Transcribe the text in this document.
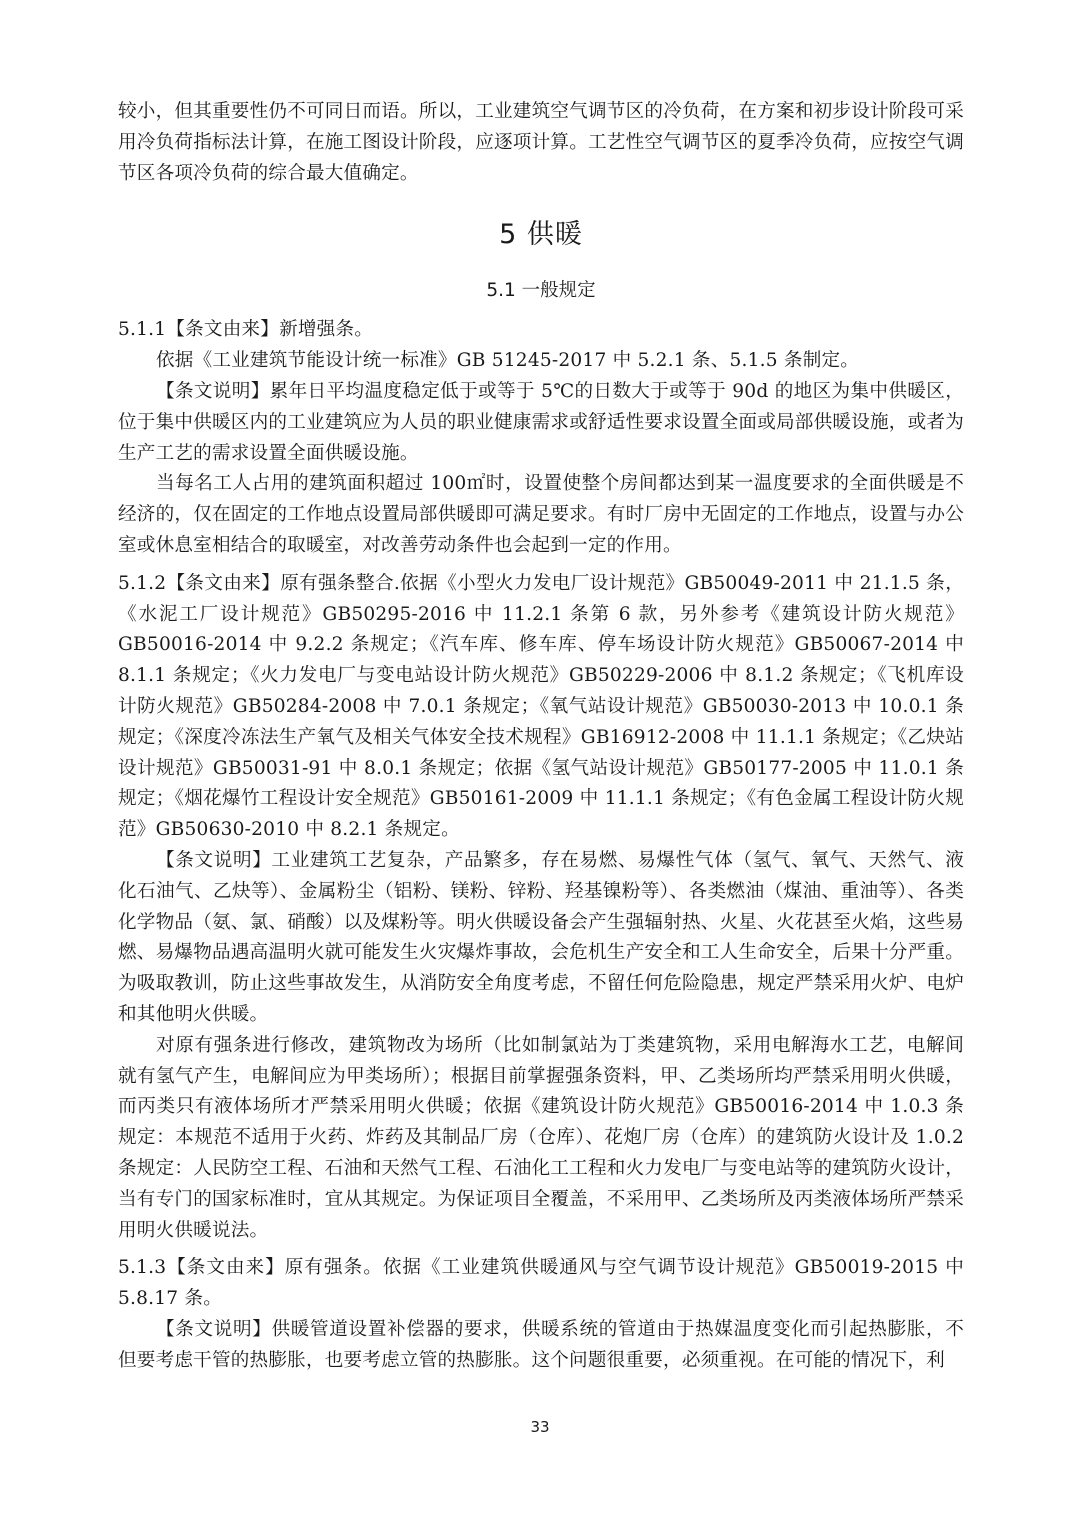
较小，但其重要性仍不可同日而语。所以，工业建筑空气调节区的冷负荷，在方案和初步设计阶段可采用冷负荷指标法计算，在施工图设计阶段，应逐项计算。工艺性空气调节区的夏季冷负荷，应按空气调节区各项冷负荷的综合最大值确定。

5 供暖
5.1 一般规定

5.1.1【条文由来】新增强条。

依据《工业建筑节能设计统一标准》GB 51245-2017 中 5.2.1 条、5.1.5 条制定。

【条文说明】累年日平均温度稳定低于或等于 5℃的日数大于或等于 90d 的地区为集中供暖区，位于集中供暖区内的工业建筑应为人员的职业健康需求或舒适性要求设置全面或局部供暖设施，或者为生产工艺的需求设置全面供暖设施。

当每名工人占用的建筑面积超过 100㎡时，设置使整个房间都达到某一温度要求的全面供暖是不经济的，仅在固定的工作地点设置局部供暖即可满足要求。有时厂房中无固定的工作地点，设置与办公室或休息室相结合的取暖室，对改善劳动条件也会起到一定的作用。

5.1.2【条文由来】原有强条整合.依据《小型火力发电厂设计规范》GB50049-2011 中 21.1.5 条，《水泥工厂设计规范》GB50295-2016 中 11.2.1 条第 6 款，另外参考《建筑设计防火规范》GB50016-2014 中 9.2.2 条规定；《汽车库、修车库、停车场设计防火规范》GB50067-2014 中 8.1.1 条规定；《火力发电厂与变电站设计防火规范》GB50229-2006 中 8.1.2 条规定；《飞机库设计防火规范》GB50284-2008 中 7.0.1 条规定；《氧气站设计规范》GB50030-2013 中 10.0.1 条规定；《深度冷冻法生产氧气及相关气体安全技术规程》GB16912-2008 中 11.1.1 条规定；《乙炔站设计规范》GB50031-91 中 8.0.1 条规定；依据《氢气站设计规范》GB50177-2005 中 11.0.1 条规定；《烟花爆竹工程设计安全规范》GB50161-2009 中 11.1.1 条规定；《有色金属工程设计防火规范》GB50630-2010 中 8.2.1 条规定。

【条文说明】工业建筑工艺复杂，产品繁多，存在易燃、易爆性气体（氢气、氧气、天然气、液化石油气、乙炔等）、金属粉尘（铝粉、镁粉、锌粉、羟基镍粉等）、各类燃油（煤油、重油等）、各类化学物品（氨、氯、硝酸）以及煤粉等。明火供暖设备会产生强辐射热、火星、火花甚至火焰，这些易燃、易爆物品遇高温明火就可能发生火灾爆炸事故，会危机生产安全和工人生命安全，后果十分严重。为吸取教训，防止这些事故发生，从消防安全角度考虑，不留任何危险隐患，规定严禁采用火炉、电炉和其他明火供暖。

对原有强条进行修改，建筑物改为场所（比如制氯站为丁类建筑物，采用电解海水工艺，电解间就有氢气产生，电解间应为甲类场所）；根据目前掌握强条资料，甲、乙类场所均严禁采用明火供暖，而丙类只有液体场所才严禁采用明火供暖；依据《建筑设计防火规范》GB50016-2014 中 1.0.3 条规定：本规范不适用于火药、炸药及其制品厂房（仓库）、花炮厂房（仓库）的建筑防火设计及 1.0.2 条规定：人民防空工程、石油和天然气工程、石油化工工程和火力发电厂与变电站等的建筑防火设计，当有专门的国家标准时，宜从其规定。为保证项目全覆盖，不采用甲、乙类场所及丙类液体场所严禁采用明火供暖说法。

5.1.3【条文由来】原有强条。依据《工业建筑供暖通风与空气调节设计规范》GB50019-2015 中 5.8.17 条。

【条文说明】供暖管道设置补偿器的要求，供暖系统的管道由于热媒温度变化而引起热膨胀，不但要考虑干管的热膨胀，也要考虑立管的热膨胀。这个问题很重要，必须重视。在可能的情况下，利

33
